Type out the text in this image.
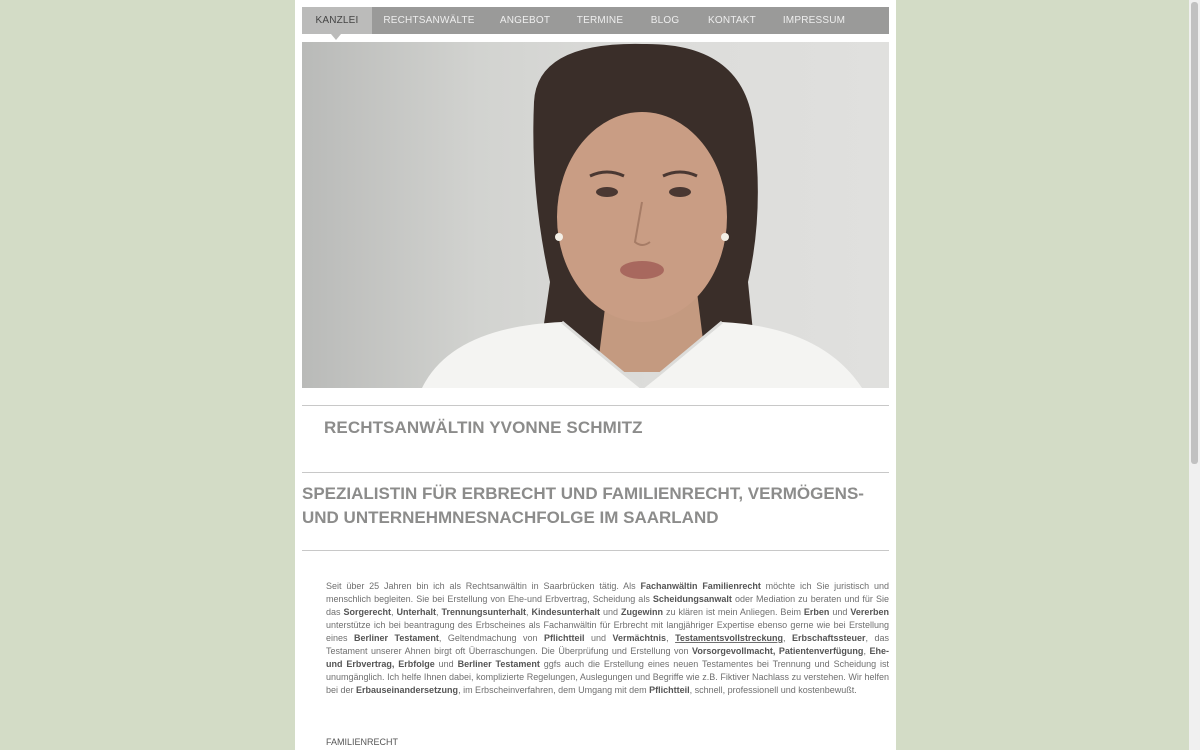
KANZLEI	RECHTSANWÄLTE	ANGEBOT	TERMINE	BLOG	KONTAKT	IMPRESSUM
RECHTSANWÄLTIN YVONNE SCHMITZ
SPEZIALISTIN FÜR ERBRECHT UND FAMILIENRECHT, VERMÖGENS-UND UNTERNEHMNESNACHFOLGE IM SAARLAND
Seit über 25 Jahren bin ich als Rechtsanwältin in Saarbrücken tätig. Als Fachanwältin Familienrecht möchte ich Sie juristisch und menschlich begleiten. Sie bei Erstellung von Ehe-und Erbvertrag, Scheidung als Scheidungsanwalt oder Mediation zu beraten und für Sie das Sorgerecht, Unterhalt, Trennungsunterhalt, Kindesunterhalt und Zugewinn zu klären ist mein Anliegen. Beim Erben und Vererben unterstütze ich bei beantragung des Erbscheines als Fachanwältin für Erbrecht mit langjähriger Expertise ebenso gerne wie bei Erstellung eines Berliner Testament, Geltendmachung von Pflichtteil und Vermächtnis, Testamentsvollstreckung, Erbschaftssteuer, das Testament unserer Ahnen birgt oft Überraschungen. Die Überprüfung und Erstellung von Vorsorgevollmacht, Patientenverfügung, Ehe-und Erbvertrag, Erbfolge und Berliner Testament ggfs auch die Erstellung eines neuen Testamentes bei Trennung und Scheidung ist unumgänglich. Ich helfe Ihnen dabei, komplizierte Regelungen, Auslegungen und Begriffe wie z.B. Fiktiver Nachlass zu verstehen. Wir helfen bei der Erbauseinandersetzung, im Erbscheinverfahren, dem Umgang mit dem Pflichtteil, schnell, professionell und kostenbewußt.
FAMILIENRECHT
